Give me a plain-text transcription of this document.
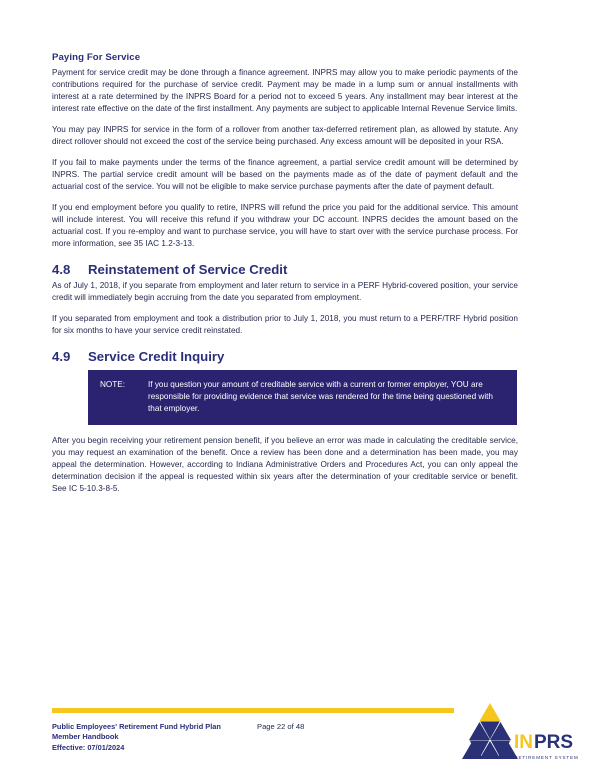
Paying For Service

Payment for service credit may be done through a finance agreement. INPRS may allow you to make periodic payments of the contributions required for the purchase of service credit. Payment may be made in a lump sum or annual installments with interest at a rate determined by the INPRS Board for a period not to exceed 5 years. Any installment may bear interest at the interest rate effective on the date of the first installment. Any payments are subject to applicable Internal Revenue Service limits.

You may pay INPRS for service in the form of a rollover from another tax-deferred retirement plan, as allowed by statute. Any direct rollover should not exceed the cost of the service being purchased. Any excess amount will be deposited in your RSA.

If you fail to make payments under the terms of the finance agreement, a partial service credit amount will be determined by INPRS. The partial service credit amount will be based on the payments made as of the date of payment default and the actuarial cost of the service. You will not be eligible to make service purchase payments after the date of payment default.

If you end employment before you qualify to retire, INPRS will refund the price you paid for the additional service. This amount will include interest. You will receive this refund if you withdraw your DC account. INPRS decides the amount based on the actuarial cost. If you re-employ and want to purchase service, you will have to start over with the service purchase process. For more information, see 35 IAC 1.2-3-13.

4.8	Reinstatement of Service Credit

As of July 1, 2018, if you separate from employment and later return to service in a PERF Hybrid-covered position, your service credit will immediately begin accruing from the date you separated from employment.

If you separated from employment and took a distribution prior to July 1, 2018, you must return to a PERF/TRF Hybrid position for six months to have your service credit reinstated.

4.9	Service Credit Inquiry
NOTE:	If you question your amount of creditable service with a current or former employer, YOU are responsible for providing evidence that service was rendered for the time being questioned with that employer.

After you begin receiving your retirement pension benefit, if you believe an error was made in calculating the creditable service, you may request an examination of the benefit. Once a review has been done and a determination has been made, you may appeal the determination. However, according to Indiana Administrative Orders and Procedures Act, you can only appeal the determination decision if the appeal is requested within six years after the determination of your creditable service or benefit. See IC 5-10.3-8-5.

Public Employees' Retirement Fund Hybrid Plan
Member Handbook
Effective: 07/01/2024
Page 22 of 48
IN PRS
INDIANA PUBLIC RETIREMENT SYSTEM
